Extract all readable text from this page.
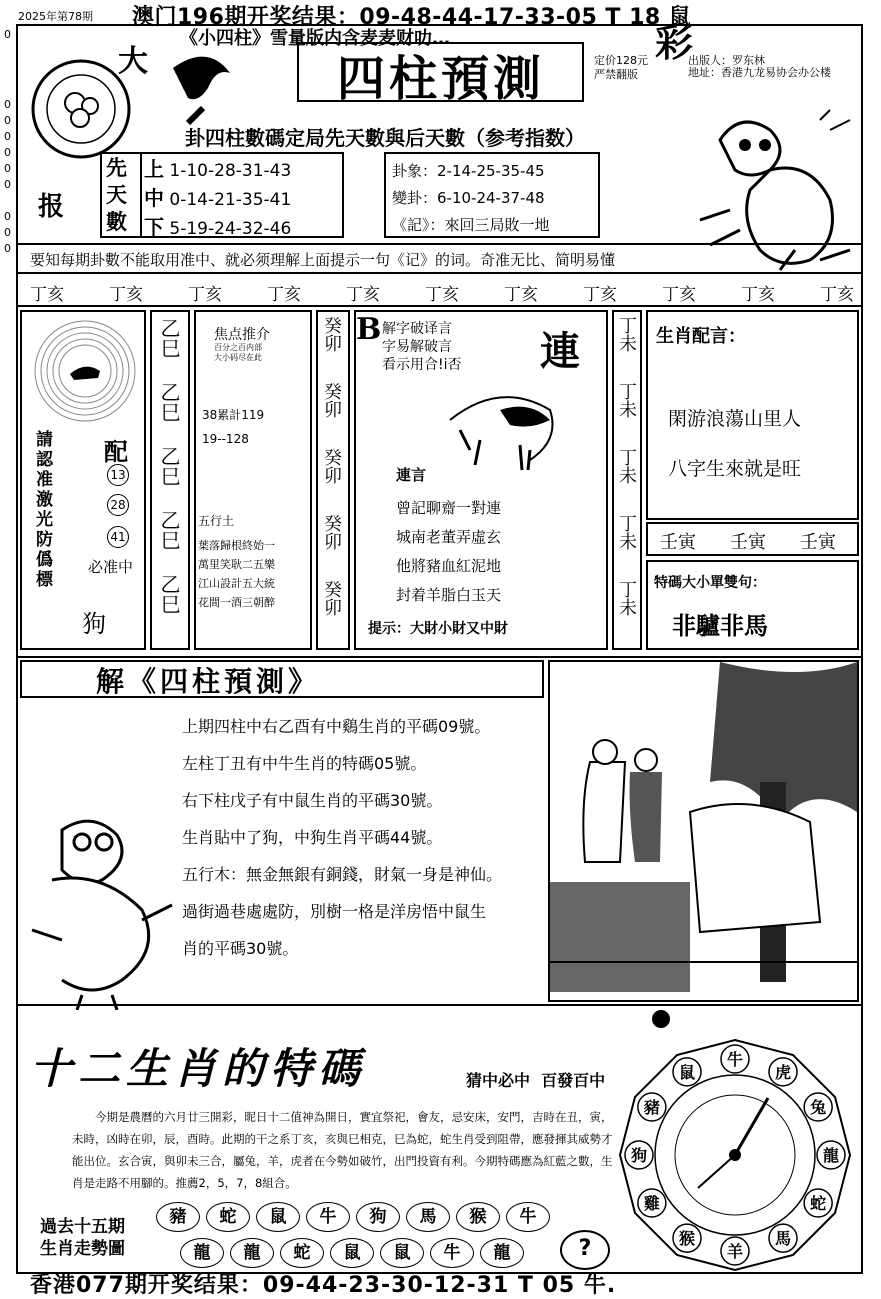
0
0
0
0
0
0
0
0
0
0
2025年第78期 澳门196期开奖结果：09-48-44-17-33-05 T 18 鼠
《小四柱》雪量版内含麦麦财叻…	彩
四柱預測	定价128元
严禁翻版
出版人：罗东林
地址：香港九龙易协会办公楼
大
报
卦四柱數碼定局先天數與后天數（参考指数）
先
天
數
上 1-10-28-31-43
中 0-14-21-35-41
下 5-19-24-32-46
卦象：2-14-25-35-45
變卦：6-10-24-37-48
《記》：來回三局敗一地
要知每期卦數不能取用准中、就必须理解上面提示一句《记》的词。奇准无比、简明易懂
丁亥	丁亥	丁亥	丁亥	丁亥	丁亥	丁亥	丁亥	丁亥	丁亥	丁亥
請認准激光防僞標 配
13
28
41
必准中
狗
乙巳
乙巳
乙巳
乙巳
乙巳
焦点推介
百分之百内部
大小码尽在此
38累計119
19--128
五行土
葉落歸根終始一
萬里笑耿二五樂
江山設計五大統
花間一酒三朝醉
癸卯
癸卯
癸卯
癸卯
癸卯
B 解字破译言
字易解破言
看示用合!i否 連
連言
曾記聊齋一對連
城南老董弄虛玄
他將豬血紅泥地
封着羊脂白玉天
提示：大財小財又中財
丁未
丁未
丁未
丁未
丁未
生肖配言：
閑游浪蕩山里人
八字生來就是旺
壬寅 壬寅 壬寅
特碼大小單雙句：
非驢非馬
解《四柱預測》
上期四柱中右乙酉有中鷄生肖的平碼09號。
左柱丁丑有中牛生肖的特碼05號。
右下柱戊子有中鼠生肖的平碼30號。
生肖貼中了狗，中狗生肖平碼44號。
五行木：無金無銀有銅錢，財氣一身是神仙。
過街過巷處處防，別樹一格是洋房悟中鼠生
肖的平碼30號。
十二生肖的特碼	猜中必中  百發百中
今期是農曆的六月廿三開彩，昵日十二值神為開日，實宜祭祀，會友，忌安床，安門，吉時在丑，寅，未時，凶時在卯，辰，酉時。此期的干之系丁亥，亥與巳相克，巳為蛇，蛇生肖受到阻帶，應發揮其威勢才能出位。玄合寅，與卯未三合，屬兔，羊，虎者在今勢如破竹，出門投資有利。今期特碼應為紅藍之數，生肖是走路不用腳的。推薦2，5，7，8組合。
過去十五期
生肖走勢圖
豬 蛇 鼠 牛 狗 馬 猴 牛
龍 龍 蛇 鼠 鼠 牛 龍	?
虎
兔
龍
蛇
馬
羊
猴
雞
狗
豬
鼠
牛
香港077期开奖结果：09-44-23-30-12-31 T 05 牛.
